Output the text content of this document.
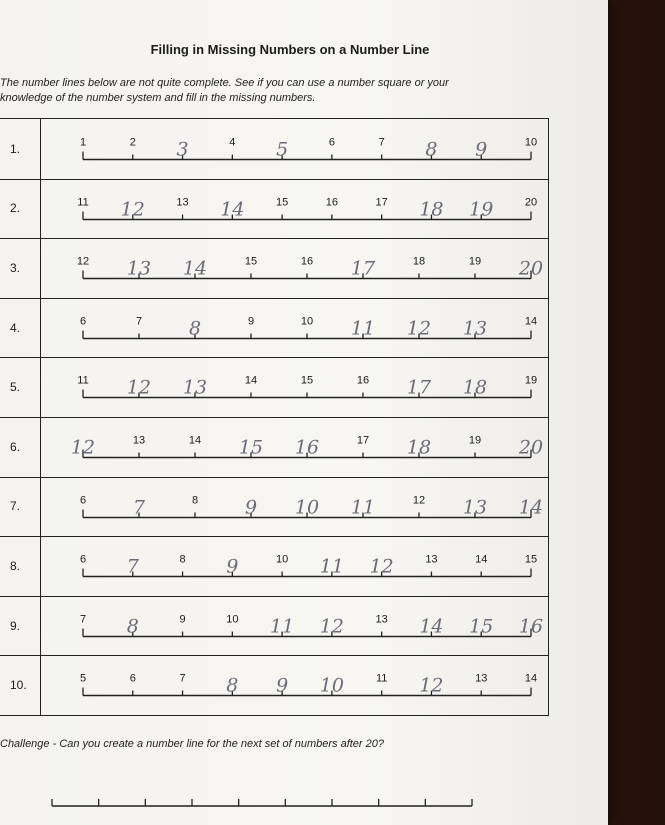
Filling in Missing Numbers on a Number Line
The number lines below are not quite complete. See if you can use a number square or your
knowledge of the number system and fill in the missing numbers.
1.	1	2 3	4 5	6	7 8 9	10
2.	11 12	13 14	15	16	17 18 19	20
3.	12 13 14	15	16 17	18	19 20
4.	6	7 8	9	10 11 12 13	14
5.	11 12 13	14	15	16 17 18	19
6.	12	13	14 15 16	17 18	19 20
7.	6 7	8 9 10 11	12 13 14
8.	6 7	8 9	10 11 12	13	14	15
9.	7 8	9	10 11 12	13 14 15 16
10.	5	6	7 8 9 10	11 12	13	14
Challenge - Can you create a number line for the next set of numbers after 20?
